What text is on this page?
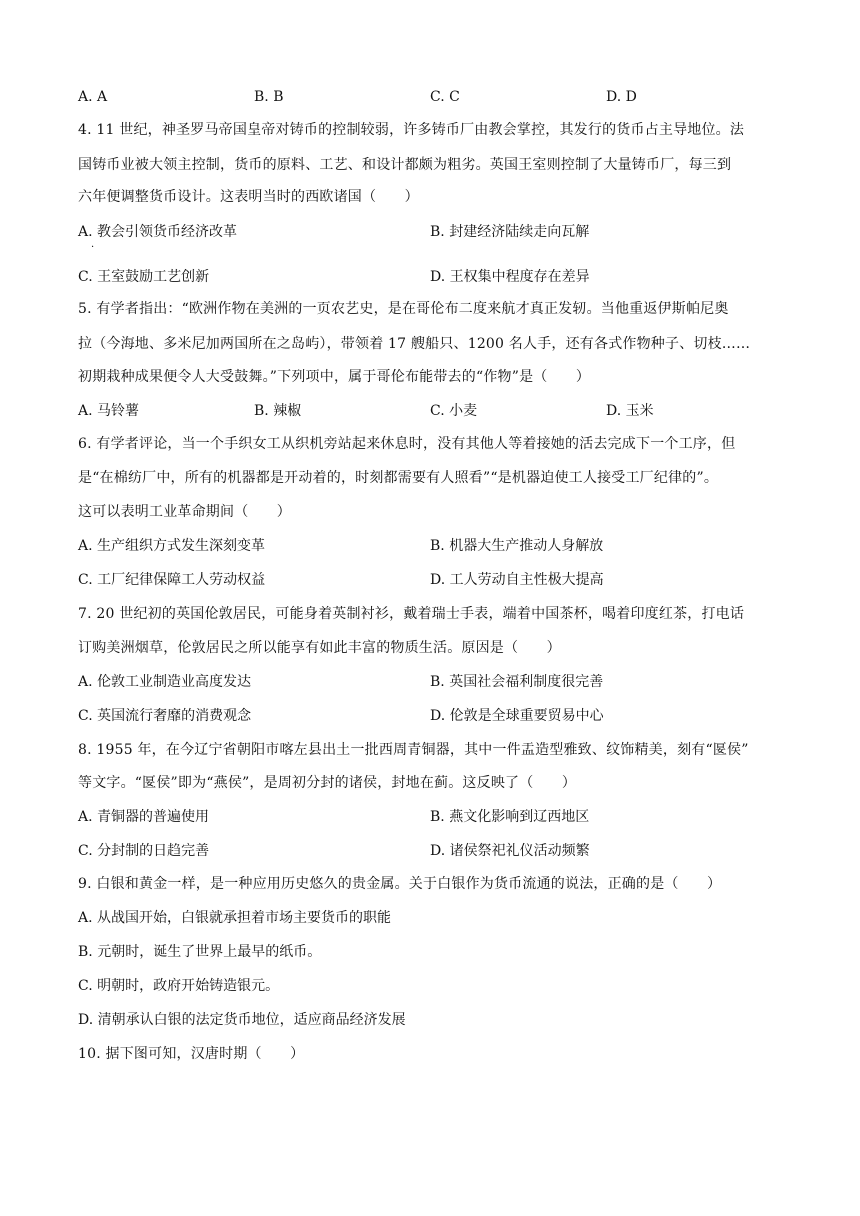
A. A	B. B	C. C	D. D
4. 11 世纪，神圣罗马帝国皇帝对铸币的控制较弱，许多铸币厂由教会掌控，其发行的货币占主导地位。法
国铸币业被大领主控制，货币的原料、工艺、和设计都颇为粗劣。英国王室则控制了大量铸币厂，每三到
六年便调整货币设计。这表明当时的西欧诸国（　　）
A. 教会引领货币经济改革
·
B. 封建经济陆续走向瓦解
C. 王室鼓励工艺创新	D. 王权集中程度存在差异
5. 有学者指出：“欧洲作物在美洲的一页农艺史，是在哥伦布二度来航才真正发轫。当他重返伊斯帕尼奥
拉（今海地、多米尼加两国所在之岛屿），带领着 17 艘船只、1200 名人手，还有各式作物种子、切枝……
初期栽种成果便令人大受鼓舞。”下列项中，属于哥伦布能带去的“作物”是（　　）
A. 马铃薯	B. 辣椒	C. 小麦	D. 玉米
6. 有学者评论，当一个手织女工从织机旁站起来休息时，没有其他人等着接她的活去完成下一个工序，但
是“在棉纺厂中，所有的机器都是开动着的，时刻都需要有人照看”“是机器迫使工人接受工厂纪律的”。
这可以表明工业革命期间（　　）
A. 生产组织方式发生深刻变革	B. 机器大生产推动人身解放
C. 工厂纪律保障工人劳动权益	D. 工人劳动自主性极大提高
7. 20 世纪初的英国伦敦居民，可能身着英制衬衫，戴着瑞士手表，端着中国茶杯，喝着印度红茶，打电话
订购美洲烟草，伦敦居民之所以能享有如此丰富的物质生活。原因是（　　）
A. 伦敦工业制造业高度发达	B. 英国社会福利制度很完善
C. 英国流行奢靡的消费观念	D. 伦敦是全球重要贸易中心
8. 1955 年，在今辽宁省朝阳市喀左县出土一批西周青铜器，其中一件盂造型雅致、纹饰精美，刻有“匽侯”
等文字。“匽侯”即为“燕侯”，是周初分封的诸侯，封地在蓟。这反映了（　　）
A. 青铜器的普遍使用	B. 燕文化影响到辽西地区
C. 分封制的日趋完善	D. 诸侯祭祀礼仪活动频繁
9. 白银和黄金一样，是一种应用历史悠久的贵金属。关于白银作为货币流通的说法，正确的是（　　）
A. 从战国开始，白银就承担着市场主要货币的职能
B. 元朝时，诞生了世界上最早的纸币。
C. 明朝时，政府开始铸造银元。
D. 清朝承认白银的法定货币地位，适应商品经济发展
10. 据下图可知，汉唐时期（　　）
